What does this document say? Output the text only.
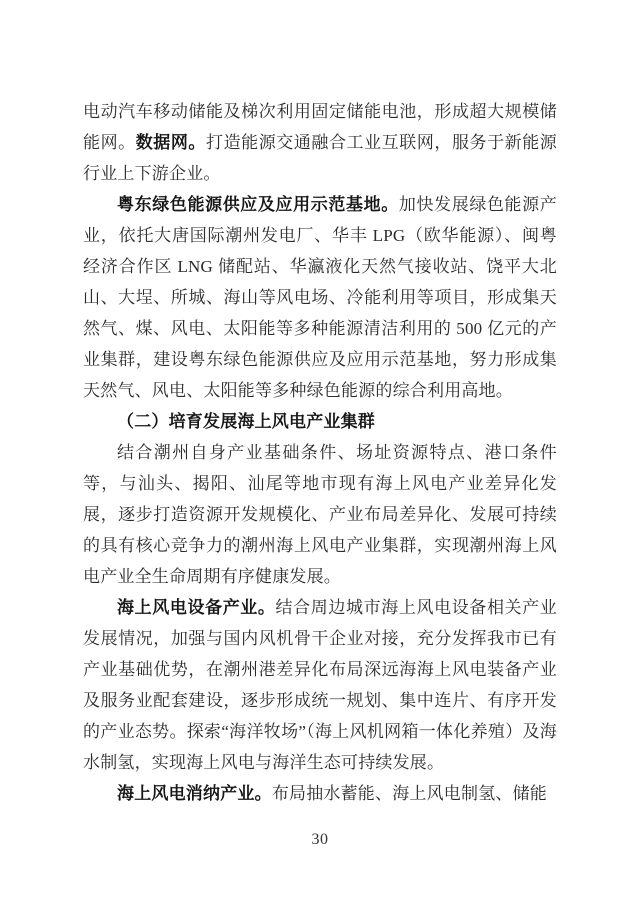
电动汽车移动储能及梯次利用固定储能电池，形成超大规模储能网。数据网。打造能源交通融合工业互联网，服务于新能源行业上下游企业。

粤东绿色能源供应及应用示范基地。加快发展绿色能源产业，依托大唐国际潮州发电厂、华丰 LPG（欧华能源）、闽粤经济合作区 LNG 储配站、华瀛液化天然气接收站、饶平大北山、大埕、所城、海山等风电场、冷能利用等项目，形成集天然气、煤、风电、太阳能等多种能源清洁利用的 500 亿元的产业集群，建设粤东绿色能源供应及应用示范基地，努力形成集天然气、风电、太阳能等多种绿色能源的综合利用高地。

（二）培育发展海上风电产业集群

结合潮州自身产业基础条件、场址资源特点、港口条件等，与汕头、揭阳、汕尾等地市现有海上风电产业差异化发展，逐步打造资源开发规模化、产业布局差异化、发展可持续的具有核心竞争力的潮州海上风电产业集群，实现潮州海上风电产业全生命周期有序健康发展。

海上风电设备产业。结合周边城市海上风电设备相关产业发展情况，加强与国内风机骨干企业对接，充分发挥我市已有产业基础优势，在潮州港差异化布局深远海海上风电装备产业及服务业配套建设，逐步形成统一规划、集中连片、有序开发的产业态势。探索“海洋牧场”（海上风机网箱一体化养殖）及海水制氢，实现海上风电与海洋生态可持续发展。

海上风电消纳产业。布局抽水蓄能、海上风电制氢、储能

30
